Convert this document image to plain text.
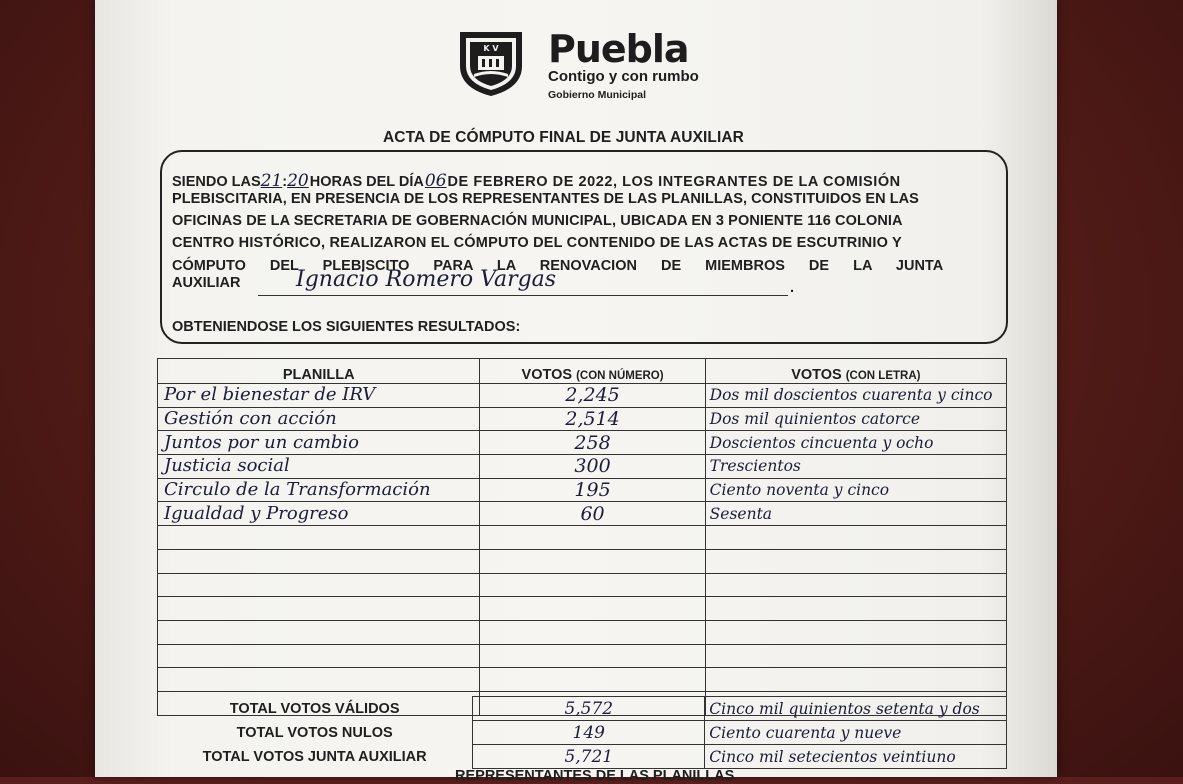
K V Puebla
Contigo y con rumbo
Gobierno Municipal
ACTA DE CÓMPUTO FINAL DE JUNTA AUXILIAR
SIENDO LAS21:20HORAS DEL DÍA06DE FEBRERO DE 2022, LOS INTEGRANTES DE LA COMISIÓN
PLEBISCITARIA, EN PRESENCIA DE LOS REPRESENTANTES DE LAS PLANILLAS, CONSTITUIDOS EN LAS
OFICINAS DE LA SECRETARIA DE GOBERNACIÓN MUNICIPAL, UBICADA EN 3 PONIENTE 116 COLONIA
CENTRO HISTÓRICO, REALIZARON EL CÓMPUTO DEL CONTENIDO DE LAS ACTAS DE ESCUTRINIO Y
CÓMPUTO DEL PLEBISCITO PARA LA RENOVACION DE MIEMBROS DE LA JUNTA
AUXILIAR	Ignacio Romero Vargas	.
OBTENIENDOSE LOS SIGUIENTES RESULTADOS:
PLANILLA	VOTOS (CON NÚMERO)	VOTOS (CON LETRA)
Por el bienestar de IRV	2,245	Dos mil doscientos cuarenta y cinco
Gestión con acción	2,514	Dos mil quinientos catorce
Juntos por un cambio	258	Doscientos cincuenta y ocho
Justicia social	300	Trescientos
Circulo de la Transformación	195	Ciento noventa y cinco
Igualdad y Progreso	60	Sesenta

TOTAL VOTOS VÁLIDOS	5,572	Cinco mil quinientos setenta y dos
TOTAL VOTOS NULOS	149	Ciento cuarenta y nueve
TOTAL VOTOS JUNTA AUXILIAR	5,721	Cinco mil setecientos veintiuno
REPRESENTANTES DE LAS PLANILLAS
